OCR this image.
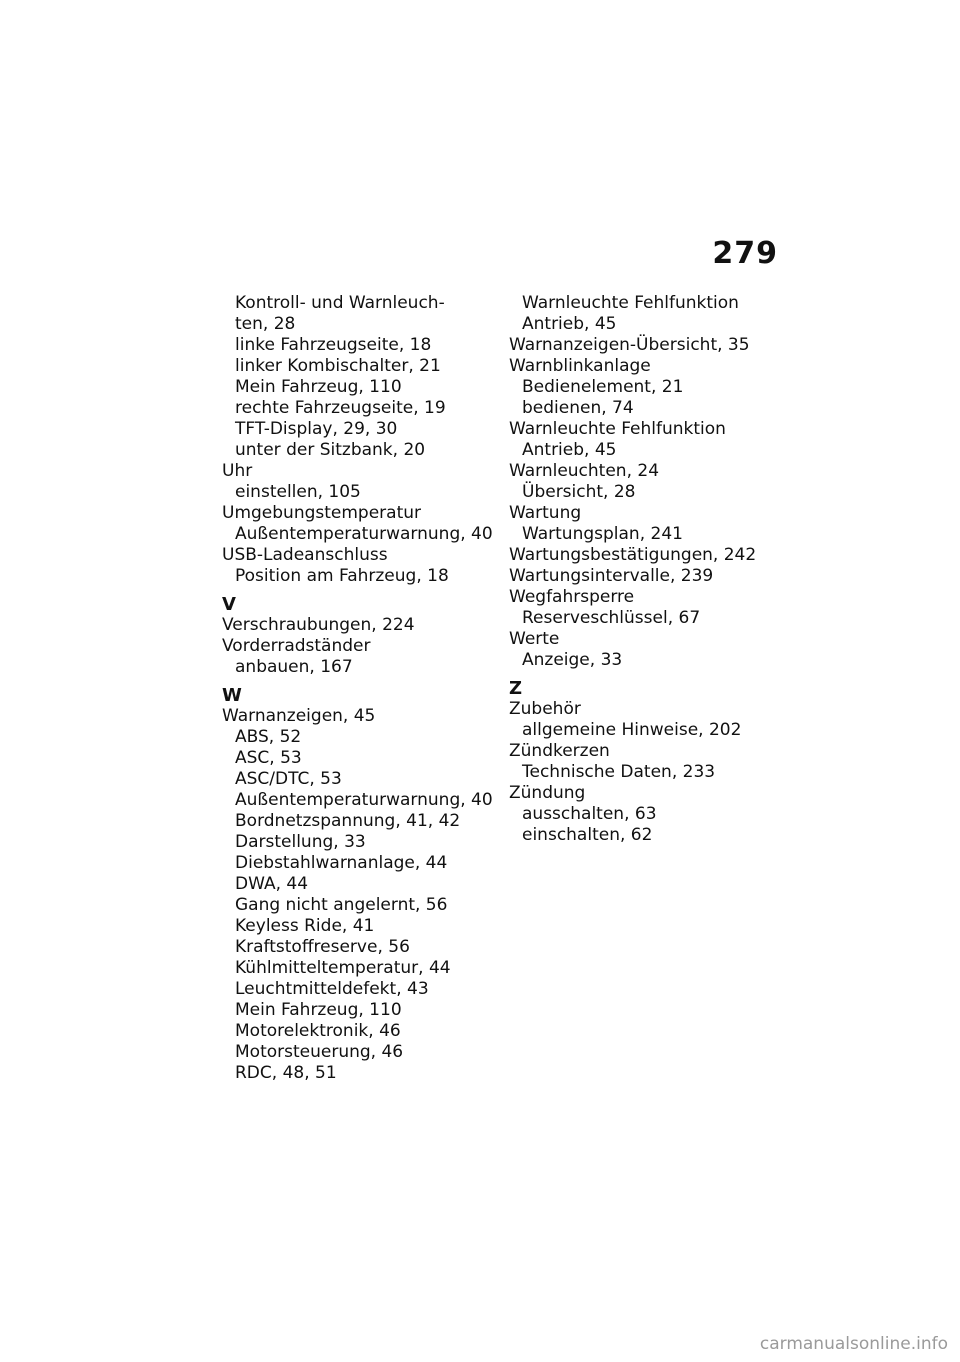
279
Kontroll- und Warnleuch-
ten, 28
linke Fahrzeugseite, 18
linker Kombischalter, 21
Mein Fahrzeug, 110
rechte Fahrzeugseite, 19
TFT-Display, 29, 30
unter der Sitzbank, 20
Uhr
einstellen, 105
Umgebungstemperatur
Außentemperaturwarnung, 40
USB-Ladeanschluss
Position am Fahrzeug, 18
V
Verschraubungen, 224
Vorderradständer
anbauen, 167
W
Warnanzeigen, 45
ABS, 52
ASC, 53
ASC/DTC, 53
Außentemperaturwarnung, 40
Bordnetzspannung, 41, 42
Darstellung, 33
Diebstahlwarnanlage, 44
DWA, 44
Gang nicht angelernt, 56
Keyless Ride, 41
Kraftstoffreserve, 56
Kühlmitteltemperatur, 44
Leuchtmitteldefekt, 43
Mein Fahrzeug, 110
Motorelektronik, 46
Motorsteuerung, 46
RDC, 48, 51
Warnleuchte Fehlfunktion
Antrieb, 45
Warnanzeigen-Übersicht, 35
Warnblinkanlage
Bedienelement, 21
bedienen, 74
Warnleuchte Fehlfunktion
Antrieb, 45
Warnleuchten, 24
Übersicht, 28
Wartung
Wartungsplan, 241
Wartungsbestätigungen, 242
Wartungsintervalle, 239
Wegfahrsperre
Reserveschlüssel, 67
Werte
Anzeige, 33
Z
Zubehör
allgemeine Hinweise, 202
Zündkerzen
Technische Daten, 233
Zündung
ausschalten, 63
einschalten, 62
carmanualsonline.info
